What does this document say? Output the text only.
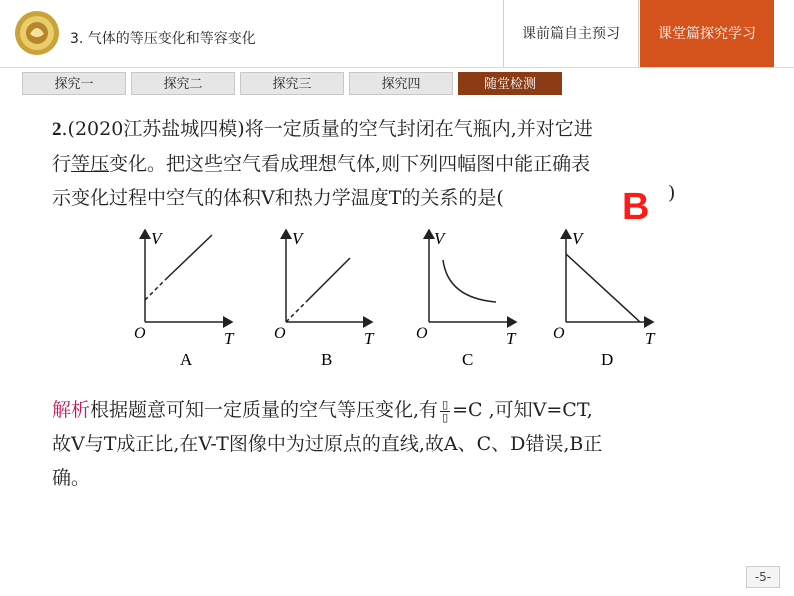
3. 气体的等压变化和等容变化	课前篇自主预习	课堂篇探究学习
探究一	探究二	探究三	探究四	随堂检测
2.(2020江苏盐城四模)将一定质量的空气封闭在气瓶内,并对它进
行等压变化。把这些空气看成理想气体,则下列四幅图中能正确表
示变化过程中空气的体积V和热力学温度T的关系的是(	B )
V
T
O
A
V
T
O
B
V
T
O
C
V
T
O
D
解析根据题意可知一定质量的空气等压变化,有 $\frac{▯}{▯} =C$ ,可知V=CT,
故V与T成正比,在V-T图像中为过原点的直线,故A、C、D错误,B正
确。
-5-
